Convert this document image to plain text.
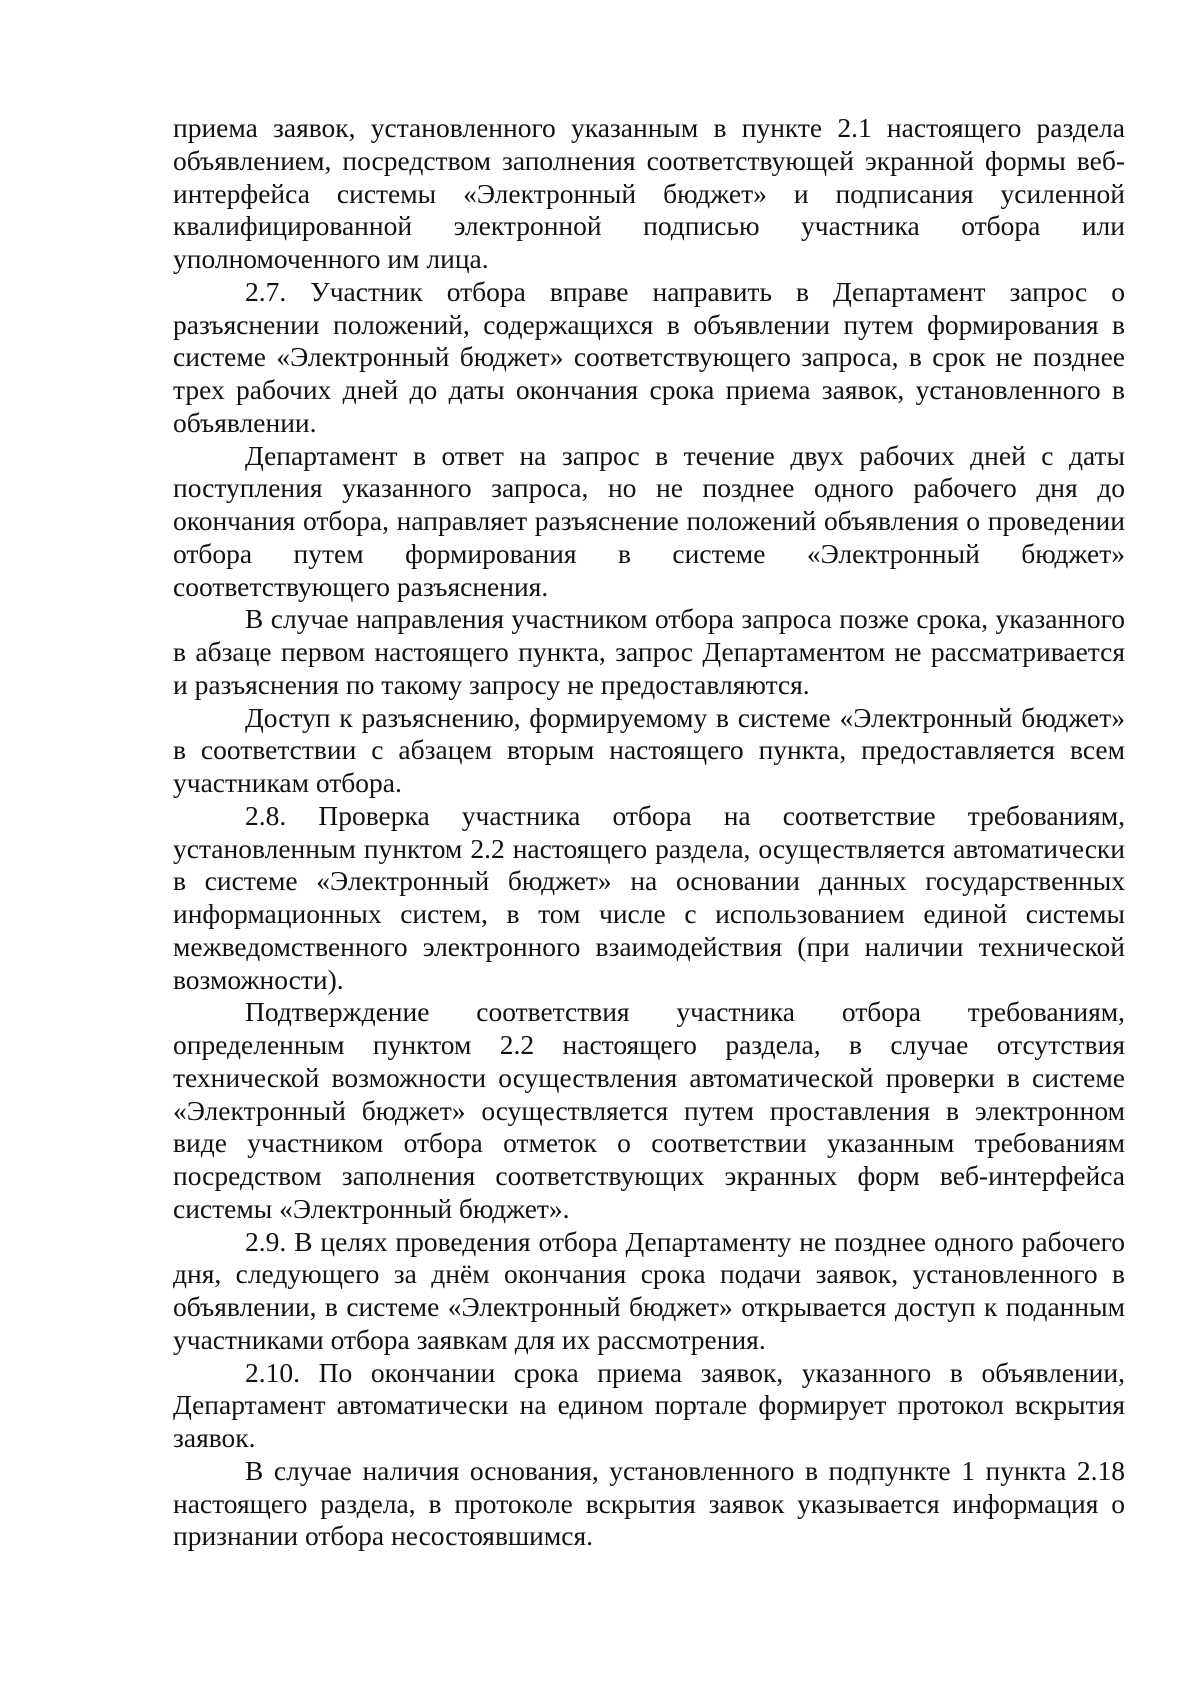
приема заявок, установленного указанным в пункте 2.1 настоящего раздела объявлением, посредством заполнения соответствующей экранной формы веб-интерфейса системы «Электронный бюджет» и подписания усиленной квалифицированной электронной подписью участника отбора или уполномоченного им лица.

2.7. Участник отбора вправе направить в Департамент запрос о разъяснении положений, содержащихся в объявлении путем формирования в системе «Электронный бюджет» соответствующего запроса, в срок не позднее трех рабочих дней до даты окончания срока приема заявок, установленного в объявлении.

Департамент в ответ на запрос в течение двух рабочих дней с даты поступления указанного запроса, но не позднее одного рабочего дня до окончания отбора, направляет разъяснение положений объявления о проведении отбора путем формирования в системе «Электронный бюджет» соответствующего разъяснения.

В случае направления участником отбора запроса позже срока, указанного в абзаце первом настоящего пункта, запрос Департаментом не рассматривается и разъяснения по такому запросу не предоставляются.

Доступ к разъяснению, формируемому в системе «Электронный бюджет» в соответствии с абзацем вторым настоящего пункта, предоставляется всем участникам отбора.

2.8. Проверка участника отбора на соответствие требованиям, установленным пунктом 2.2 настоящего раздела, осуществляется автоматически в системе «Электронный бюджет» на основании данных государственных информационных систем, в том числе с использованием единой системы межведомственного электронного взаимодействия (при наличии технической возможности).

Подтверждение соответствия участника отбора требованиям, определенным пунктом 2.2 настоящего раздела, в случае отсутствия технической возможности осуществления автоматической проверки в системе «Электронный бюджет» осуществляется путем проставления в электронном виде участником отбора отметок о соответствии указанным требованиям посредством заполнения соответствующих экранных форм веб-интерфейса системы «Электронный бюджет».

2.9. В целях проведения отбора Департаменту не позднее одного рабочего дня, следующего за днём окончания срока подачи заявок, установленного в объявлении, в системе «Электронный бюджет» открывается доступ к поданным участниками отбора заявкам для их рассмотрения.

2.10. По окончании срока приема заявок, указанного в объявлении, Департамент автоматически на едином портале формирует протокол вскрытия заявок.

В случае наличия основания, установленного в подпункте 1 пункта 2.18 настоящего раздела, в протоколе вскрытия заявок указывается информация о признании отбора несостоявшимся.
